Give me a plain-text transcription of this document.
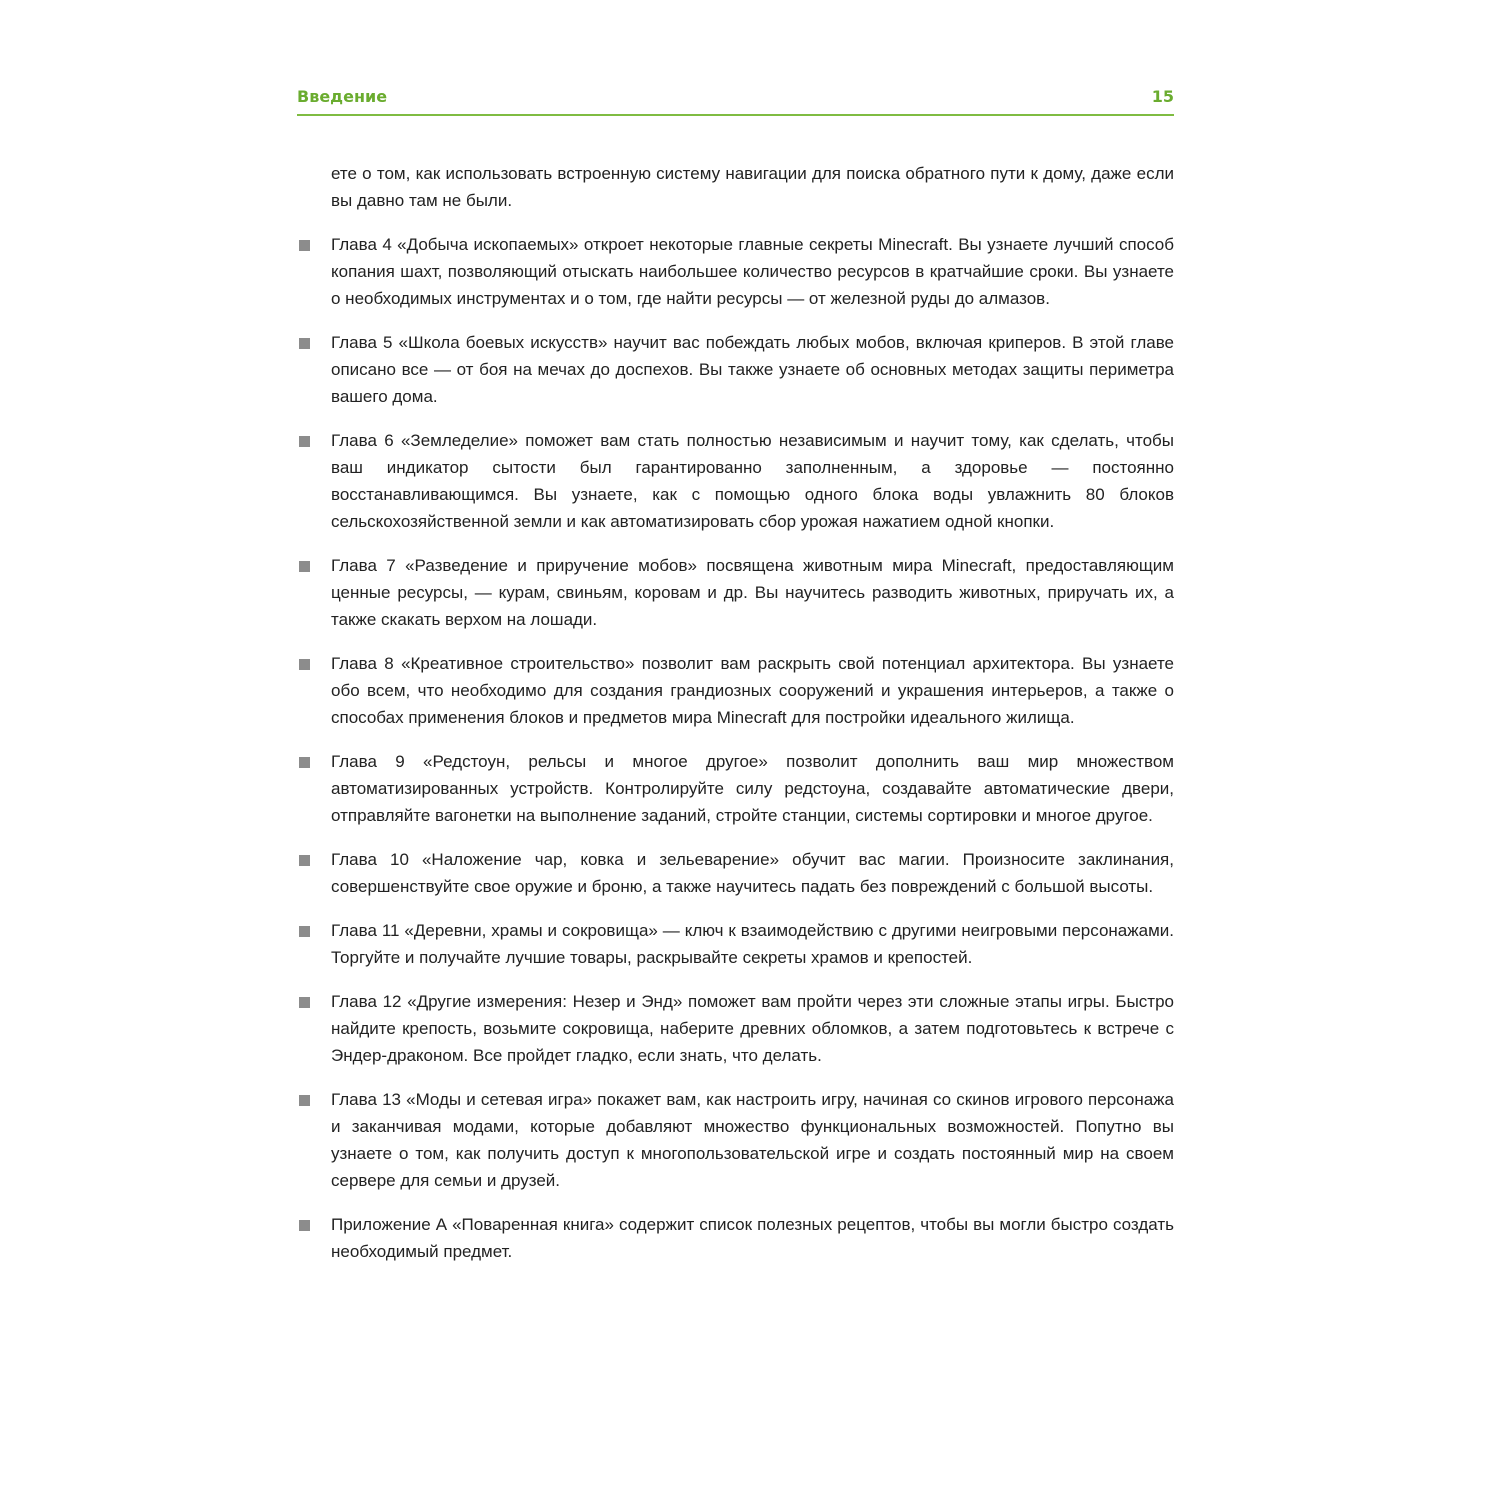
Введение	15

ете о том, как использовать встроенную систему навигации для поиска обратного пути к дому, даже если вы давно там не были.

Глава 4 «Добыча ископаемых» откроет некоторые главные секреты Minecraft. Вы узнаете лучший способ копания шахт, позволяющий отыскать наибольшее количество ресурсов в кратчайшие сроки. Вы узнаете о необходимых инструментах и о том, где найти ресурсы — от железной руды до алмазов.
Глава 5 «Школа боевых искусств» научит вас побеждать любых мобов, включая криперов. В этой главе описано все — от боя на мечах до доспехов. Вы также узнаете об основных методах защиты периметра вашего дома.
Глава 6 «Земледелие» поможет вам стать полностью независимым и научит тому, как сделать, чтобы ваш индикатор сытости был гарантированно заполненным, а здоровье — постоянно восстанавливающимся. Вы узнаете, как с помощью одного блока воды увлажнить 80 блоков сельскохозяйственной земли и как автоматизировать сбор урожая нажатием одной кнопки.
Глава 7 «Разведение и приручение мобов» посвящена животным мира Minecraft, предоставляющим ценные ресурсы, — курам, свиньям, коровам и др. Вы научитесь разводить животных, приручать их, а также скакать верхом на лошади.
Глава 8 «Креативное строительство» позволит вам раскрыть свой потенциал архитектора. Вы узнаете обо всем, что необходимо для создания грандиозных сооружений и украшения интерьеров, а также о способах применения блоков и предметов мира Minecraft для постройки идеального жилища.
Глава 9 «Редстоун, рельсы и многое другое» позволит дополнить ваш мир множеством автоматизированных устройств. Контролируйте силу редстоуна, создавайте автоматические двери, отправляйте вагонетки на выполнение заданий, стройте станции, системы сортировки и многое другое.
Глава 10 «Наложение чар, ковка и зельеварение» обучит вас магии. Произносите заклинания, совершенствуйте свое оружие и броню, а также научитесь падать без повреждений с большой высоты.
Глава 11 «Деревни, храмы и сокровища» — ключ к взаимодействию с другими неигровыми персонажами. Торгуйте и получайте лучшие товары, раскрывайте секреты храмов и крепостей.
Глава 12 «Другие измерения: Незер и Энд» поможет вам пройти через эти сложные этапы игры. Быстро найдите крепость, возьмите сокровища, наберите древних обломков, а затем подготовьтесь к встрече с Эндер-драконом. Все пройдет гладко, если знать, что делать.
Глава 13 «Моды и сетевая игра» покажет вам, как настроить игру, начиная со скинов игрового персонажа и заканчивая модами, которые добавляют множество функциональных возможностей. Попутно вы узнаете о том, как получить доступ к многопользовательской игре и создать постоянный мир на своем сервере для семьи и друзей.
Приложение А «Поваренная книга» содержит список полезных рецептов, чтобы вы могли быстро создать необходимый предмет.
